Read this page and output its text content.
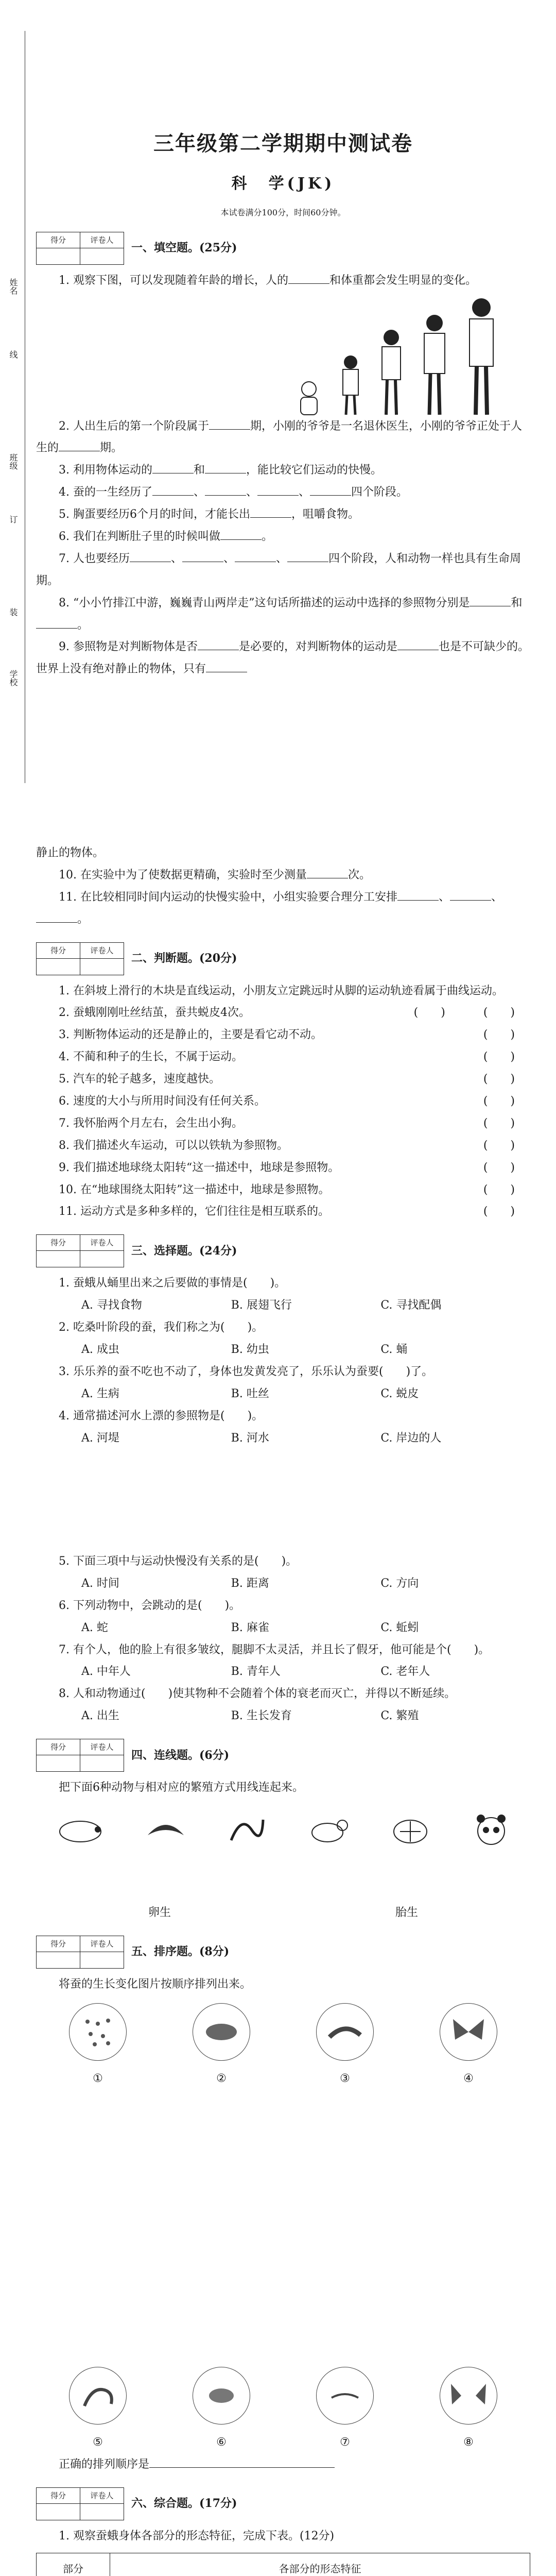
姓名
班级
学校
线
订
装
三年级第二学期期中测试卷
科　学(JK)
本试卷满分100分，时间60分钟。
得分	评卷人
一、填空题。(25分)

1. 观察下图，可以发现随着年龄的增长，人的	和体重都会发生明显的变化。

2. 人出生后的第一个阶段属于	期，小刚的爷爷是一名退休医生，小刚的爷爷正处于人生的	期。

3. 利用物体运动的	和	，能比较它们运动的快慢。

4. 蚕的一生经历了	、	、	、	四个阶段。

5. 胸蛋要经历6个月的时间，才能长出	，咀嚼食物。

6. 我们在判断肚子里的时候叫做	。

7. 人也要经历	、	、	、	四个阶段，人和动物一样也具有生命周期。

8. “小小竹排江中游，巍巍青山两岸走”这句话所描述的运动中选择的参照物分别是	和。

9. 参照物是对判断物体是否	是必要的，对判断物体的运动是	也是不可缺少的。世界上没有绝对静止的物体，只有

静止的物体。

10. 在实验中为了使数据更精确，实验时至少测量	次。

11. 在比较相同时间内运动的快慢实验中，小组实验要合理分工安排	、	、。

得分	评卷人
二、判断题。(20分)

1. 在斜坡上滑行的木块是直线运动，小朋友立定跳远时从脚的运动轨迹看属于曲线运动。
(　　)

2. 蚕蛾刚刚吐丝结茧，蚕共蜕皮4次。	(　　)

3. 判断物体运动的还是静止的，主要是看它动不动。	(　　)

4. 不蔺和种子的生长，不属于运动。	(　　)

5. 汽车的轮子越多，速度越快。	(　　)

6. 速度的大小与所用时间没有任何关系。	(　　)

7. 我怀胎两个月左右，会生出小狗。	(　　)

8. 我们描述火车运动，可以以铁轨为参照物。	(　　)

9. 我们描述地球绕太阳转“这一描述中，地球是参照物。	(　　)

10. 在“地球围绕太阳转”这一描述中，地球是参照物。	(　　)

11. 运动方式是多种多样的，它们往往是相互联系的。	(　　)

得分	评卷人
三、选择题。(24分)

1. 蚕蛾从蛹里出来之后要做的事情是(　　)。

A. 寻找食物	B. 展翅飞行	C. 寻找配偶

2. 吃桑叶阶段的蚕，我们称之为(　　)。

A. 成虫	B. 幼虫	C. 蛹

3. 乐乐养的蚕不吃也不动了，身体也发黄发亮了，乐乐认为蚕要(　　)了。

A. 生病	B. 吐丝	C. 蜕皮

4. 通常描述河水上漂的参照物是(　　)。

A. 河堤	B. 河水	C. 岸边的人

5. 下面三項中与运动快慢没有关系的是(　　)。

A. 时间	B. 距离	C. 方向

6. 下列动物中，会跳动的是(　　)。

A. 蛇	B. 麻雀	C. 蚯蚓

7. 有个人，他的脸上有很多皱纹，腿脚不太灵活，并且长了假牙，他可能是个(　　)。

A. 中年人	B. 青年人	C. 老年人

8. 人和动物通过(　　)使其物种不会随着个体的衰老而灭亡，并得以不断延续。

A. 出生	B. 生长发育	C. 繁殖
得分	评卷人
四、连线题。(6分)

把下面6种动物与相对应的繁殖方式用线连起来。

卵生	胎生
得分	评卷人
五、排序题。(8分)

将蚕的生长变化图片按顺序排列出来。

①	②	③	④
⑤	⑥	⑦	⑧

正确的排列顺序是

得分	评卷人
六、综合题。(17分)

1. 观察蚕蛾身体各部分的形态特征，完成下表。(12分)

部分	各部分的形态特征
